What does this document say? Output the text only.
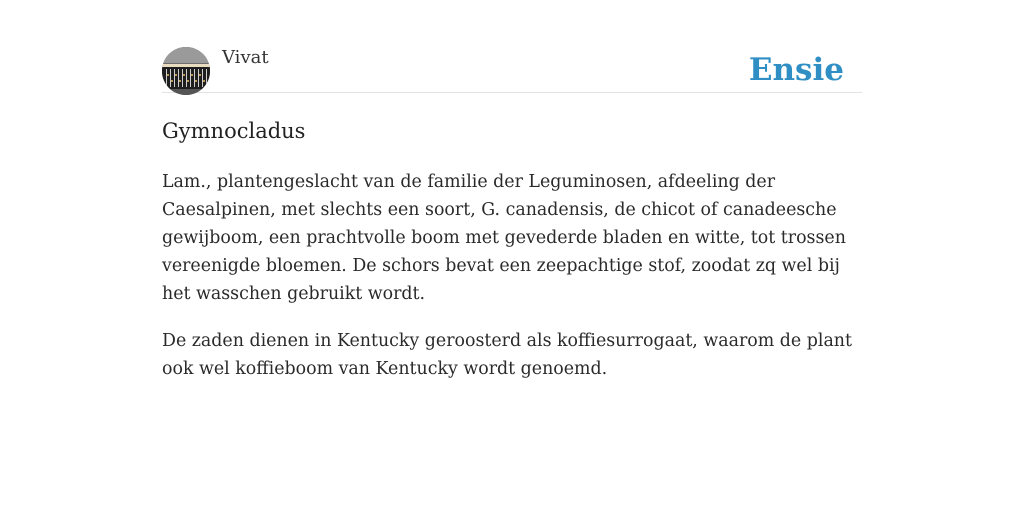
Vivat	Ensie
Gymnocladus

Lam., plantengeslacht van de familie der Leguminosen, afdeeling der Caesalpinen, met slechts een soort, G. canadensis, de chicot of canadeesche gewijboom, een prachtvolle boom met gevederde bladen en witte, tot trossen vereenigde bloemen. De schors bevat een zeepachtige stof, zoodat zq wel bij het wasschen gebruikt wordt.

De zaden dienen in Kentucky geroosterd als koffiesurrogaat, waarom de plant ook wel koffieboom van Kentucky wordt genoemd.
